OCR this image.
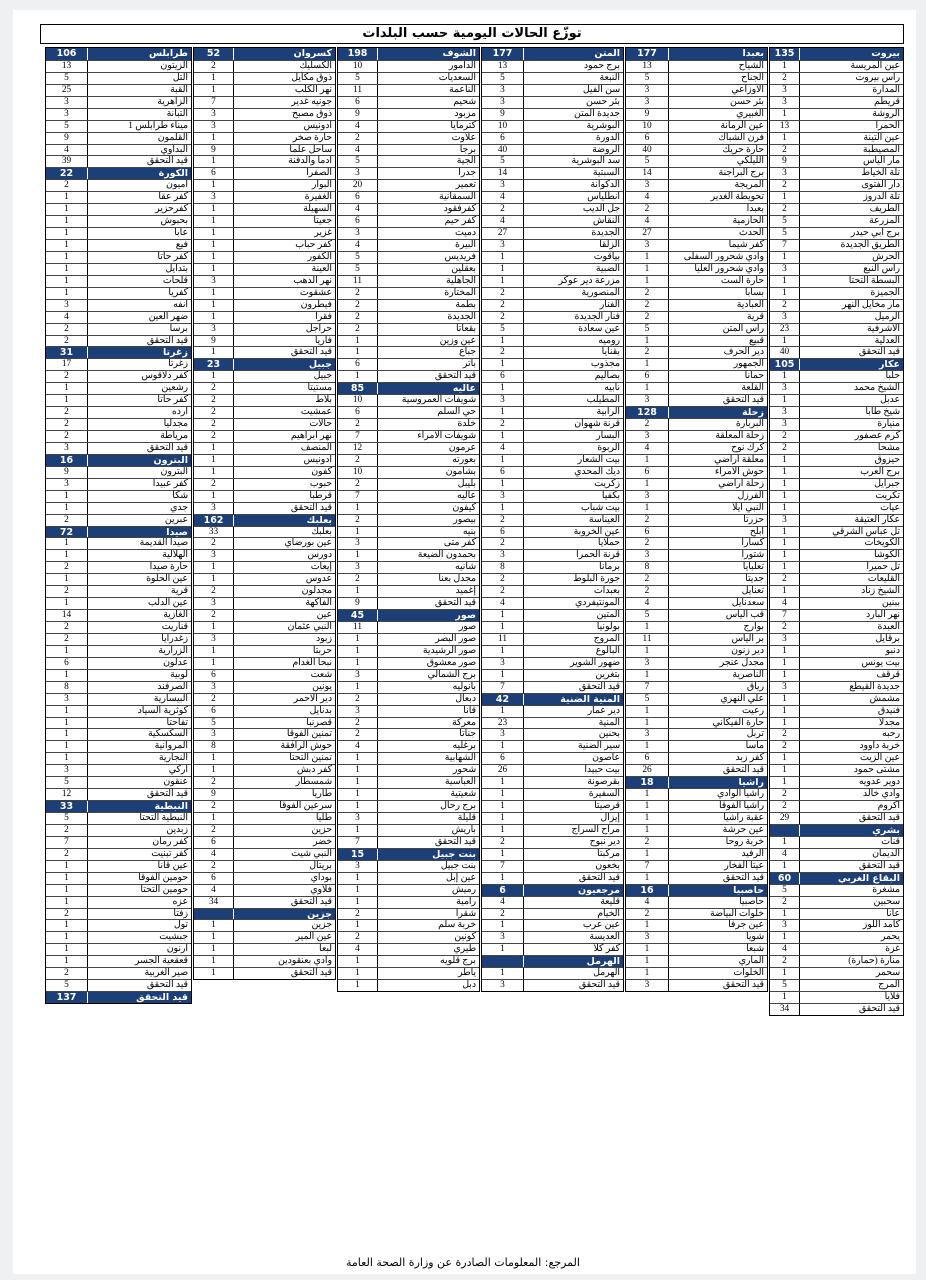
توزّع الحالات اليومية حسب البلدات
بيروت
135
عين المريسة
1
راس بيروت
2
المدارة
3
قريطم
3
الروشة
1
الحمرا
13
عين التينة
1
المصيطبة
2
مار الياس
9
تلة الخياط
3
دار الفتوى
2
تلة الدروز
1
الطريف
2
المزرعة
5
برج أبي حيدر
5
الطريق الجديدة
7
الحرش
1
راس النبع
3
البسطة التحتا
1
الجميزة
1
مار مخايل النهر
2
الرميل
3
الأشرفية
23
العدلية
1
قيد التحقق
40
عكار
105
حلبا
1
الشيخ محمد
3
عدبل
1
شيخ طابا
3
منيارة
3
كرم عصفور
2
مشحا
2
حيزوق
1
برج العرب
1
جبرايل
1
تكريت
1
عيات
1
عكار العتيقة
3
تل عباس الشرقي
1
الكويخات
1
الكوشا
1
تل حميرا
1
القليعات
2
الشيخ زناد
1
ببنين
4
نهر البارد
7
العبدة
2
برقايل
3
دنبو
1
بيت يونس
1
قرقف
1
جديدة القيطع
3
مشمش
1
فنيدق
1
مجدلا
1
رحبه
2
خربة داوود
2
عين الزيت
1
مشتى حمود
1
دوير عدويه
1
وادي خالد
2
أكروم
2
قيد التحقق
29
بشري
قنات
1
الديمان
4
قيد التحقق
1
البقاع الغربي
60
مشغرة
5
سحبين
2
عانا
1
كامد اللوز
3
يحمر
1
غزة
4
منارة (حمارة)
2
سحمر
1
المرج
5
فلايا
1
قيد التحقق
34
بعبدا
177
الشياح
13
الجناح
5
الاوزاعي
3
بئر حسن
3
الغبيري
9
عين الرمانة
10
فرن الشباك
6
حارة حريك
40
الليلكي
5
برج البراجنة
14
المريجة
3
تحويطة الغدير
4
بعبدا
2
الحازمية
4
الحدث
27
كفر شيما
3
وادي شحرور السفلى
1
وادي شحرور العليا
1
حارة الست
1
بسابا
2
العبادية
2
قرية
2
راس المتن
5
قبيع
1
دير الحرف
2
الجمهور
1
حمانا
6
القلعة
1
قيد التحقق
3
زحلة
128
البربارة
2
زحلة المعلقة
3
كرك نوح
4
معلقة أراضي
1
حوش الامراء
6
زحلة أراضي
1
الفرزل
3
النبي ايلا
1
حزرتا
2
أبلح
6
كسارا
2
شتورا
3
تعلبايا
8
جديتا
2
تعنايل
2
سعدنايل
4
قب الياس
5
بوارج
1
بر الياس
11
دير زنون
1
مجدل عنجر
3
الناصرية
1
رياق
7
علي النهري
5
رعيت
1
حارة الفيكاني
1
تربل
3
ماسا
1
كفر زبد
6
قيد التحقق
26
راشيا
18
راشيا الوادي
1
راشيا الفوقا
1
عقبة راشيا
1
عين حرشة
1
خربة روحا
2
الرفيد
1
عيتا الفخار
7
قيد التحقق
1
حاصبيا
16
حاصبيا
4
خلوات البياضة
2
عين جرفا
1
شويا
3
شبعا
1
الماري
1
الخلوات
1
قيد التحقق
3
المتن
177
برج حمود
13
النبعة
5
سن الفيل
3
بئر حسن
3
جديدة المتن
9
البوشرية
10
الدورة
6
الروضة
40
سد البوشرية
5
السبتية
14
الدكوانة
3
أنطلياس
4
جل الديب
2
النقاش
4
الجديدة
27
الزلقا
3
بياقوت
1
الضبية
1
مزرعة دير عوكر
1
المنصورية
2
الفنار
2
فنار الجديدة
2
عين سعادة
5
روميه
1
بقنايا
2
مجذوب
1
بصاليم
6
نابيه
1
المطيلب
3
الرابية
1
قرنة شهوان
2
البسار
1
الربوة
4
بيت الشعار
1
ديك المحدي
6
زكريت
1
بكفيا
3
بيت شباب
1
العيناسة
2
عين الخروبة
6
حملايا
2
قرنة الحمرا
3
برمانا
8
جورة البلوط
2
بعبدات
2
المونتيفردي
4
المتين
1
بولونيا
1
المروج
11
البالوع
1
ضهور الشوير
3
بتغرين
1
قيد التحقق
7
المنية الضنية
42
دير عمار
1
المنية
23
بحنين
3
سير الضنية
1
عاصون
6
بيت حبيدا
26
بقرصونة
1
السفيرة
1
قرصيتا
1
إيزال
1
مراح السراج
1
دير نبوح
2
مركبتا
1
بخعون
7
قيد التحقق
1
مرجعيون
6
قليعة
4
الخيام
2
عين عرب
1
العديسة
3
كفر كلا
1
الهرمل
الهرمل
1
قيد التحقق
3
الشوف
198
الدامور
10
السعديات
5
الناعمة
11
شحيم
6
مزبود
9
كترمايا
4
علاوت
2
برجا
4
الجية
5
جدرا
3
تعمير
20
السمقانية
6
كفرفقود
4
كفر حيم
6
دميت
3
البيرة
4
فريديس
5
بعقلين
5
الجاهلية
11
المختارة
2
بطمة
2
الجديدة
2
بقعاتا
2
عين وزين
1
جباع
1
باتر
6
قيد التحقق
1
عاليه
85
شويفات العمروسية
10
حي السلم
6
خلدة
2
شويفات الامراء
7
عرمون
12
بعورته
2
بشامون
10
بليبل
2
عاليه
7
كيفون
1
بيصور
2
بنيه
1
كفر متى
3
بحمدون الضيعة
1
شانيه
3
مجدل بعنا
2
إغميد
1
قيد التحقق
9
صور
45
صور
11
صور البصر
1
صور الرشيدية
1
صور معشوق
1
برج الشمالي
3
بانوليه
1
دبعال
2
قانا
3
معركة
2
جناتا
2
برغليه
4
الشهابية
1
شحور
1
العباسية
1
شعيتية
1
برج رحال
1
قليلة
3
باريش
1
قيد التحقق
7
بنت جبيل
15
بنت جبيل
3
عين إبل
1
رميش
1
رامية
1
شقرا
2
خربة سلم
1
كونين
2
طيري
4
برج قلويه
1
ياطر
1
دبل
1
كسروان
52
الكسليك
2
ذوق مكايل
1
نهر الكلب
1
جونيه غدير
7
ذوق مصبح
3
أدونيس
3
حارة صخر
1
ساحل علما
9
أدما والدفنة
1
الصفرا
6
البوار
1
الغفيرة
3
السهيلة
1
جعيتا
1
غزير
1
كفر حباب
1
الكفور
1
العينة
1
نهر الدهب
3
عشقوت
1
فيطرون
1
فقرا
1
حراجل
3
فاريا
9
قيد التحقق
1
جبيل
23
جبيل
1
مستيتا
2
بلاط
2
عمشيت
2
حالات
2
نهر ابراهيم
2
المنصف
1
أدونيس
1
كفون
1
حبوب
2
قرطبا
1
قيد التحقق
3
بعلبك
162
بعلبك
33
عين بورضاي
2
دورس
3
إيعات
1
عدوس
1
مجدلون
2
الفاكهة
3
عين
2
النبي عثمان
1
زبود
3
حربتا
1
نبحا الغدام
1
شعت
6
يونين
3
دير الاحمر
2
بدنايل
6
قصرنبا
5
تمنين الفوقا
3
حوش الرافقة
8
تمنين التحتا
1
كفر دبش
1
شمسطار
2
طاريا
9
سرعين الفوقا
2
طليا
1
حزين
2
خضر
6
النبي شيت
4
بريتال
2
بوداي
6
فلاوي
4
قيد التحقق
34
جزين
جزين
1
عين المير
1
لبعا
1
وادي بعنقودين
1
قيد التحقق
1
طرابلس
106
الزيتون
13
التل
5
القبة
25
الزاهرية
3
التبانة
3
ميناء طرابلس 1
5
القلمون
9
البداوي
4
قيد التحقق
39
الكورة
22
أميون
2
كفر عقا
1
كفرحزير
1
بحبوش
1
عابا
1
فيع
1
كفر حاتا
1
بتدايل
1
قلحات
1
كفريا
1
أنفه
3
ضهر العين
4
برسا
2
قيد التحقق
2
زغرتا
31
زغرتا
17
كفر دلاقوس
2
رشعين
1
كفر حاتا
1
أرده
2
مجدليا
2
مرياطة
2
قيد التحقق
3
البترون
16
البترون
9
كفر عبيدا
3
شكا
1
جدي
1
عبرين
2
صيدا
72
صيدا القديمة
1
الهلالية
1
حارة صيدا
2
عين الحلوة
1
قرية
2
عين الدلب
1
الغازية
14
قناريت
2
زغدرايا
2
الزرارية
1
عدلون
6
لوبية
1
الصرفند
8
البيسارية
3
كوثرية السياد
1
تفاحتا
1
السكسكية
1
المروانية
1
النجارية
1
اركي
3
عنقون
5
قيد التحقق
12
النبطية
33
النبطية التحتا
5
زبدين
2
كفر رمان
7
كفر تبنيت
2
عين قانا
1
حومين الفوقا
1
حومين التحتا
1
عزه
1
زفتا
2
تول
1
جبشيت
1
أرنون
1
قعقعية الجسر
1
صير الغربية
2
قيد التحقق
5
قيد التحقق
137
المرجع: المعلومات الصادرة عن وزارة الصحة العامة
